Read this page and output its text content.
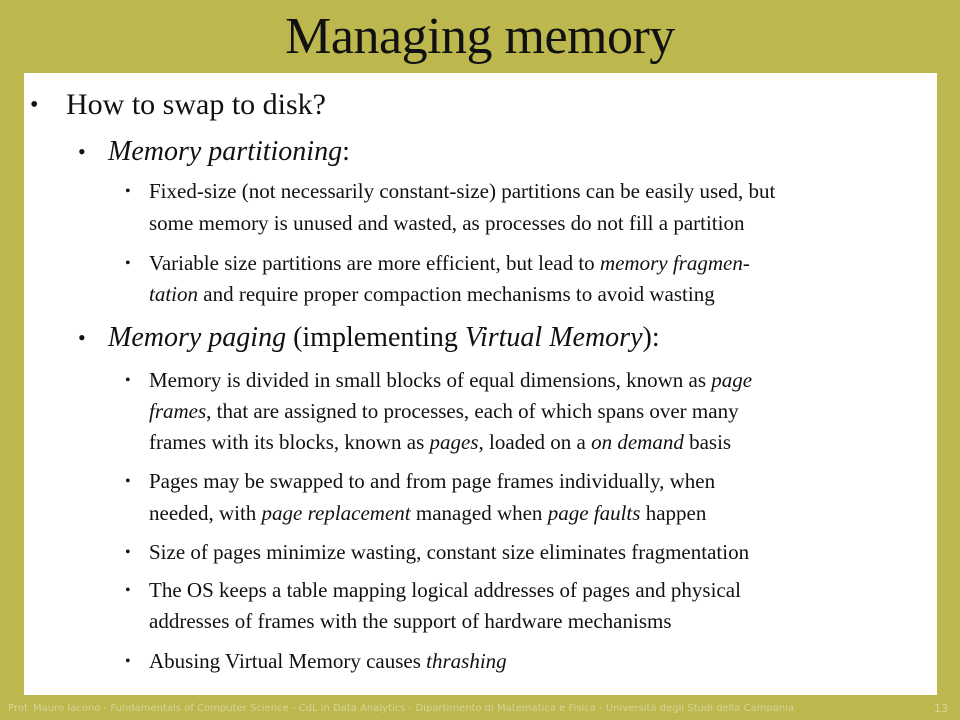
Managing memory
• How to swap to disk?
• Memory partitioning:
• Fixed-size (not necessarily constant-size) partitions can be easily used, but
some memory is unused and wasted, as processes do not fill a partition
• Variable size partitions are more efficient, but lead to memory fragmen-
tation and require proper compaction mechanisms to avoid wasting
• Memory paging (implementing Virtual Memory):
• Memory is divided in small blocks of equal dimensions, known as page
frames, that are assigned to processes, each of which spans over many
frames with its blocks, known as pages, loaded on a on demand basis
• Pages may be swapped to and from page frames individually, when
needed, with page replacement managed when page faults happen
• Size of pages minimize wasting, constant size eliminates fragmentation
• The OS keeps a table mapping logical addresses of pages and physical
addresses of frames with the support of hardware mechanisms
• Abusing Virtual Memory causes thrashing
Prof. Mauro Iacono - Fundamentals of Computer Science - CdL in Data Analytics - Dipartimento di Matematica e Fisica - Università degli Studi della Campania	13
